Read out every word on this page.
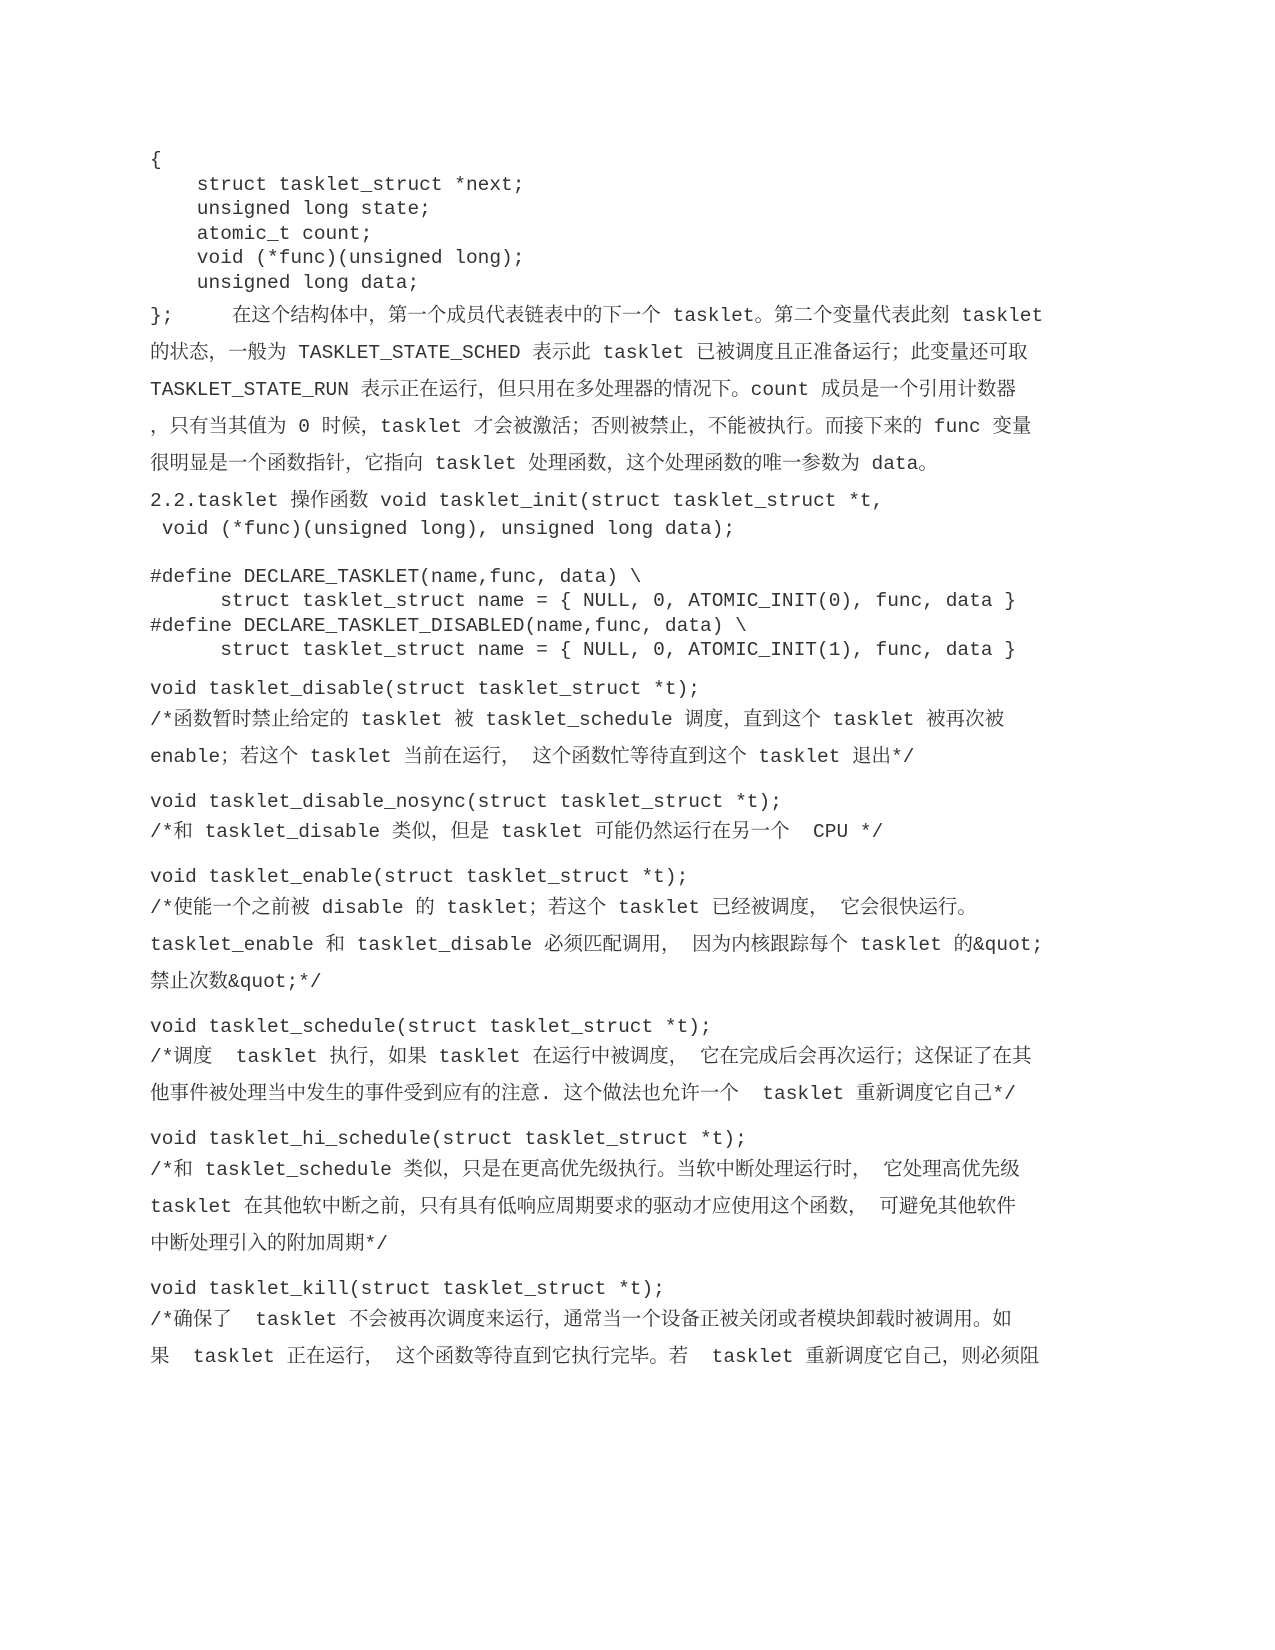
{
struct tasklet_struct *next;
unsigned long state;
atomic_t count;
void (*func)(unsigned long);
unsigned long data;
};     在这个结构体中，第一个成员代表链表中的下一个 tasklet。第二个变量代表此刻 tasklet
的状态，一般为 TASKLET_STATE_SCHED 表示此 tasklet 已被调度且正准备运行；此变量还可取
TASKLET_STATE_RUN 表示正在运行，但只用在多处理器的情况下。count 成员是一个引用计数器
，只有当其值为 0 时候，tasklet 才会被激活；否则被禁止，不能被执行。而接下来的 func 变量
很明显是一个函数指针，它指向 tasklet 处理函数，这个处理函数的唯一参数为 data。
2.2.tasklet 操作函数 void tasklet_init(struct tasklet_struct *t,
void (*func)(unsigned long), unsigned long data);
#define DECLARE_TASKLET(name,func, data) \
struct tasklet_struct name = { NULL, 0, ATOMIC_INIT(0), func, data }
#define DECLARE_TASKLET_DISABLED(name,func, data) \
struct tasklet_struct name = { NULL, 0, ATOMIC_INIT(1), func, data }
void tasklet_disable(struct tasklet_struct *t);
/*函数暂时禁止给定的 tasklet 被 tasklet_schedule 调度，直到这个 tasklet 被再次被
enable；若这个 tasklet 当前在运行， 这个函数忙等待直到这个 tasklet 退出*/
void tasklet_disable_nosync(struct tasklet_struct *t);
/*和 tasklet_disable 类似，但是 tasklet 可能仍然运行在另一个  CPU */
void tasklet_enable(struct tasklet_struct *t);
/*使能一个之前被 disable 的 tasklet；若这个 tasklet 已经被调度， 它会很快运行。
tasklet_enable 和 tasklet_disable 必须匹配调用， 因为内核跟踪每个 tasklet 的&quot;
禁止次数&quot;*/
void tasklet_schedule(struct tasklet_struct *t);
/*调度  tasklet 执行，如果 tasklet 在运行中被调度， 它在完成后会再次运行；这保证了在其
他事件被处理当中发生的事件受到应有的注意. 这个做法也允许一个  tasklet 重新调度它自己*/
void tasklet_hi_schedule(struct tasklet_struct *t);
/*和 tasklet_schedule 类似，只是在更高优先级执行。当软中断处理运行时， 它处理高优先级
tasklet 在其他软中断之前，只有具有低响应周期要求的驱动才应使用这个函数， 可避免其他软件
中断处理引入的附加周期*/
void tasklet_kill(struct tasklet_struct *t);
/*确保了  tasklet 不会被再次调度来运行，通常当一个设备正被关闭或者模块卸载时被调用。如
果  tasklet 正在运行， 这个函数等待直到它执行完毕。若  tasklet 重新调度它自己，则必须阻
